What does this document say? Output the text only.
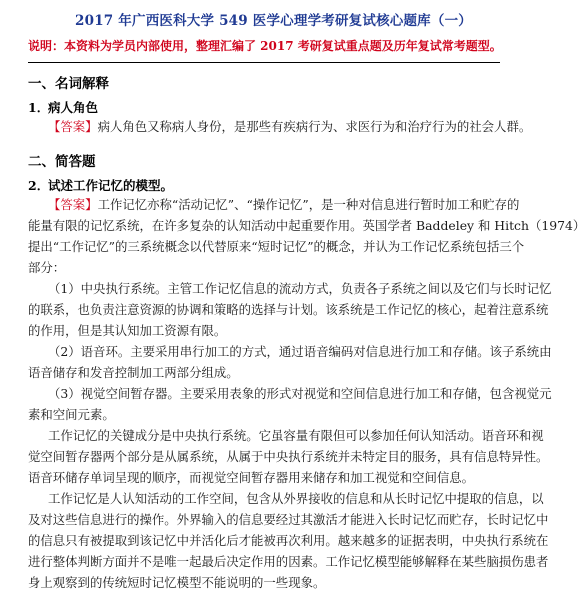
2017 年广西医科大学 549 医学心理学考研复试核心题库（一）
说明：本资料为学员内部使用，整理汇编了 2017 考研复试重点题及历年复试常考题型。
一、名词解释
1．病人角色
【答案】病人角色又称病人身份，是那些有疾病行为、求医行为和治疗行为的社会人群。
二、简答题
2．试述工作记忆的模型。
【答案】工作记忆亦称“活动记忆”、“操作记忆”，是一种对信息进行暂时加工和贮存的
能量有限的记忆系统，在许多复杂的认知活动中起重要作用。英国学者 Baddeley 和 Hitch（1974）
提出“工作记忆”的三系统概念以代替原来“短时记忆”的概念，并认为工作记忆系统包括三个
部分：
（1）中央执行系统。主管工作记忆信息的流动方式，负责各子系统之间以及它们与长时记忆
的联系，也负责注意资源的协调和策略的选择与计划。该系统是工作记忆的核心，起着注意系统
的作用，但是其认知加工资源有限。
（2）语音环。主要采用串行加工的方式，通过语音编码对信息进行加工和存储。该子系统由
语音储存和发音控制加工两部分组成。
（3）视觉空间暂存器。主要采用表象的形式对视觉和空间信息进行加工和存储，包含视觉元
素和空间元素。
工作记忆的关键成分是中央执行系统。它虽容量有限但可以参加任何认知活动。语音环和视
觉空间暂存器两个部分是从属系统，从属于中央执行系统并未特定目的服务，具有信息特异性。
语音环储存单词呈现的顺序，而视觉空间暂存器用来储存和加工视觉和空间信息。
工作记忆是人认知活动的工作空间，包含从外界接收的信息和从长时记忆中提取的信息，以
及对这些信息进行的操作。外界输入的信息要经过其激活才能进入长时记忆而贮存，长时记忆中
的信息只有被提取到该记忆中并活化后才能被再次利用。越来越多的证据表明，中央执行系统在
进行整体判断方面并不是唯一起最后决定作用的因素。工作记忆模型能够解释在某些脑损伤患者
身上观察到的传统短时记忆模型不能说明的一些现象。
